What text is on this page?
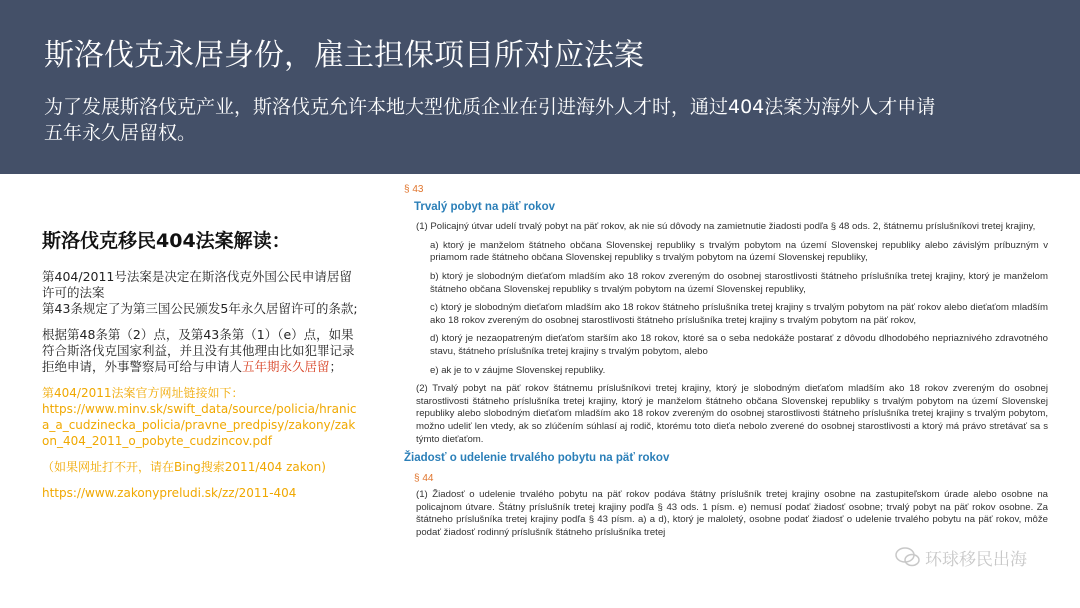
斯洛伐克永居身份，雇主担保项目所对应法案
为了发展斯洛伐克产业，斯洛伐克允许本地大型优质企业在引进海外人才时，通过404法案为海外人才申请五年永久居留权。
斯洛伐克移民404法案解读：
第404/2011号法案是决定在斯洛伐克外国公民申请居留许可的法案
第43条规定了为第三国公民颁发5年永久居留许可的条款;
根据第48条第（2）点，及第43条第（1）（e）点，如果符合斯洛伐克国家利益，并且没有其他理由比如犯罪记录拒绝申请，外事警察局可给与申请人五年期永久居留；
第404/2011法案官方网址链接如下：
https://www.minv.sk/swift_data/source/policia/hranica_a_cudzinecka_policia/pravne_predpisy/zakony/zakon_404_2011_o_pobyte_cudzincov.pdf
（如果网址打不开，请在Bing搜索2011/404 zakon)
https://www.zakonypreludi.sk/zz/2011-404
§ 43
Trvalý pobyt na päť rokov
(1) Policajný útvar udelí trvalý pobyt na päť rokov, ak nie sú dôvody na zamietnutie žiadosti podľa § 48 ods. 2, štátnemu príslušníkovi tretej krajiny,
a) ktorý je manželom štátneho občana Slovenskej republiky s trvalým pobytom na území Slovenskej republiky alebo závislým príbuzným v priamom rade štátneho občana Slovenskej republiky s trvalým pobytom na území Slovenskej republiky,
b) ktorý je slobodným dieťaťom mladším ako 18 rokov zvereným do osobnej starostlivosti štátneho príslušníka tretej krajiny, ktorý je manželom štátneho občana Slovenskej republiky s trvalým pobytom na území Slovenskej republiky,
c) ktorý je slobodným dieťaťom mladším ako 18 rokov štátneho príslušníka tretej krajiny s trvalým pobytom na päť rokov alebo dieťaťom mladším ako 18 rokov zvereným do osobnej starostlivosti štátneho príslušníka tretej krajiny s trvalým pobytom na päť rokov,
d) ktorý je nezaopatreným dieťaťom starším ako 18 rokov, ktoré sa o seba nedokáže postarať z dôvodu dlhodobého nepriaznivého zdravotného stavu, štátneho príslušníka tretej krajiny s trvalým pobytom, alebo
e) ak je to v záujme Slovenskej republiky.
(2) Trvalý pobyt na päť rokov štátnemu príslušníkovi tretej krajiny, ktorý je slobodným dieťaťom mladším ako 18 rokov zvereným do osobnej starostlivosti štátneho príslušníka tretej krajiny, ktorý je manželom štátneho občana Slovenskej republiky s trvalým pobytom na území Slovenskej republiky alebo slobodným dieťaťom mladším ako 18 rokov zvereným do osobnej starostlivosti štátneho príslušníka tretej krajiny s trvalým pobytom, možno udeliť len vtedy, ak so zlúčením súhlasí aj rodič, ktorému toto dieťa nebolo zverené do osobnej starostlivosti a ktorý má právo stretávať sa s týmto dieťaťom.
Žiadosť o udelenie trvalého pobytu na päť rokov
§ 44
(1) Žiadosť o udelenie trvalého pobytu na päť rokov podáva štátny príslušník tretej krajiny osobne na zastupiteľskom úrade alebo osobne na policajnom útvare. Štátny príslušník tretej krajiny podľa § 43 ods. 1 písm. e) nemusí podať žiadosť osobne; trvalý pobyt na päť rokov osobne. Za štátneho príslušníka tretej krajiny podľa § 43 písm. a) a d), ktorý je maloletý, osobne podať žiadosť o udelenie trvalého pobytu na päť rokov, môže podať žiadosť rodinný príslušník štátneho príslušníka tretej
环球移民出海
